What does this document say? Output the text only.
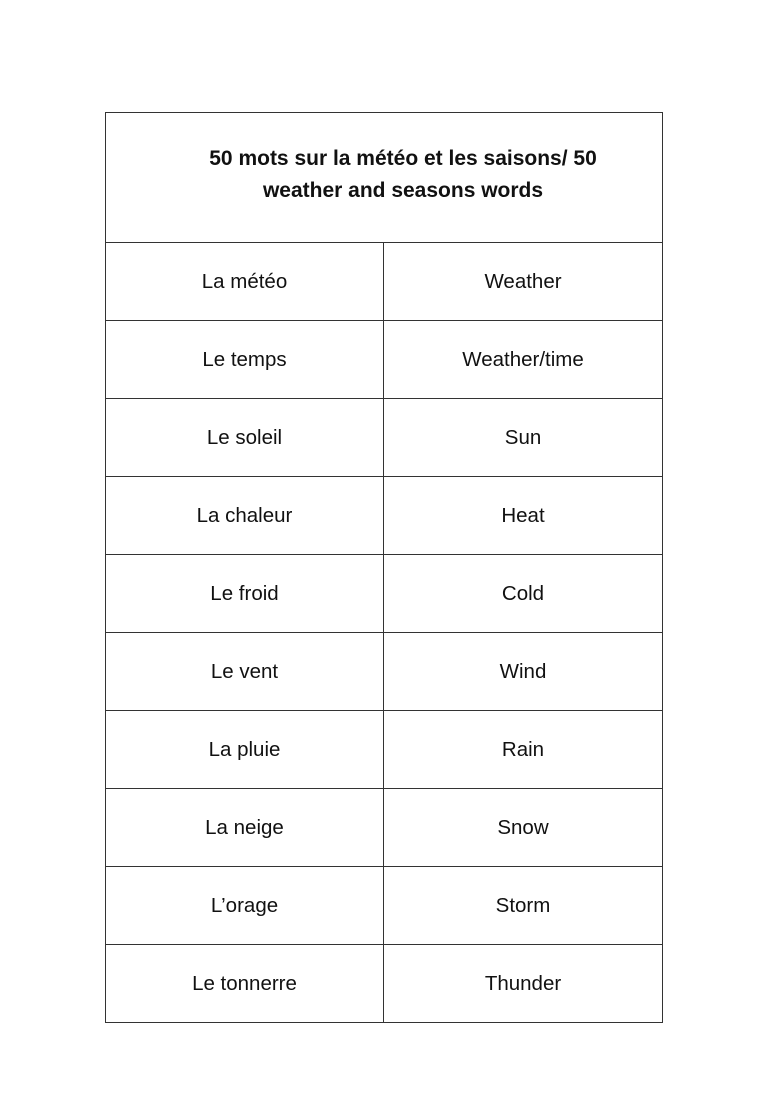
50 mots sur la météo et les saisons/ 50
weather and seasons words	
La météo	Weather
Le temps	Weather/time
Le soleil	Sun
La chaleur	Heat
Le froid	Cold
Le vent	Wind
La pluie	Rain
La neige	Snow
L’orage	Storm
Le tonnerre	Thunder
